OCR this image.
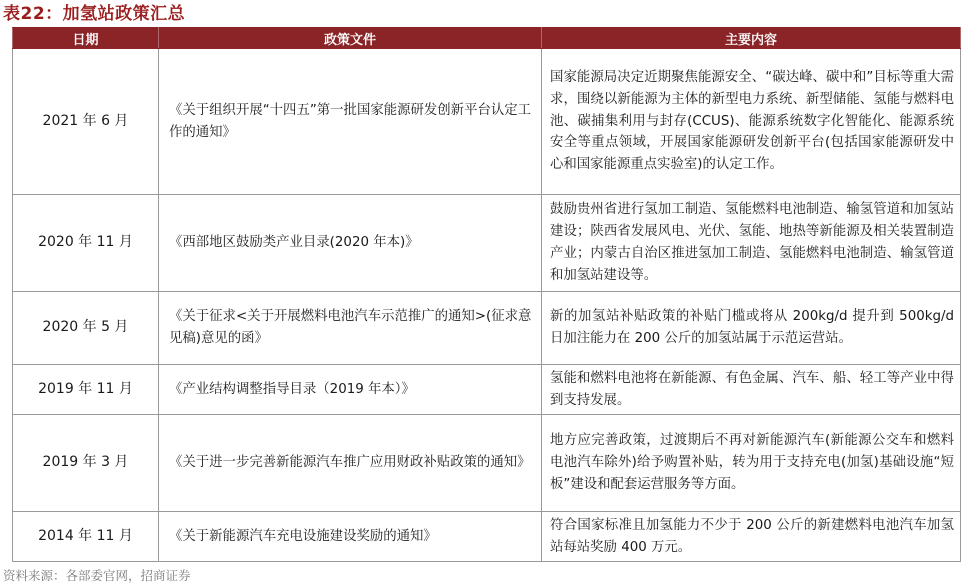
表22：加氢站政策汇总
日期	政策文件	主要内容
2021 年 6 月	《关于组织开展“十四五”第一批国家能源研发创新平台认定工作的通知》	国家能源局决定近期聚焦能源安全、“碳达峰、碳中和”目标等重大需求，围绕以新能源为主体的新型电力系统、新型储能、氢能与燃料电池、碳捕集利用与封存(CCUS)、能源系统数字化智能化、能源系统安全等重点领域，开展国家能源研发创新平台(包括国家能源研发中心和国家能源重点实验室)的认定工作。
2020 年 11 月	《西部地区鼓励类产业目录(2020 年本)》	鼓励贵州省进行氢加工制造、氢能燃料电池制造、输氢管道和加氢站建设；陕西省发展风电、光伏、氢能、地热等新能源及相关装置制造产业；内蒙古自治区推进氢加工制造、氢能燃料电池制造、输氢管道和加氢站建设等。
2020 年 5 月	《关于征求<关于开展燃料电池汽车示范推广的通知>(征求意见稿)意见的函》	新的加氢站补贴政策的补贴门槛或将从 200kg/d 提升到 500kg/d 日加注能力在 200 公斤的加氢站属于示范运营站。
2019 年 11 月	《产业结构调整指导目录（2019 年本）》	氢能和燃料电池将在新能源、有色金属、汽车、船、轻工等产业中得到支持发展。
2019 年 3 月	《关于进一步完善新能源汽车推广应用财政补贴政策的通知》	地方应完善政策，过渡期后不再对新能源汽车(新能源公交车和燃料电池汽车除外)给予购置补贴，转为用于支持充电(加氢)基础设施“短板”建设和配套运营服务等方面。
2014 年 11 月	《关于新能源汽车充电设施建设奖励的通知》	符合国家标准且加氢能力不少于 200 公斤的新建燃料电池汽车加氢站每站奖励 400 万元。
资料来源：各部委官网，招商证券
